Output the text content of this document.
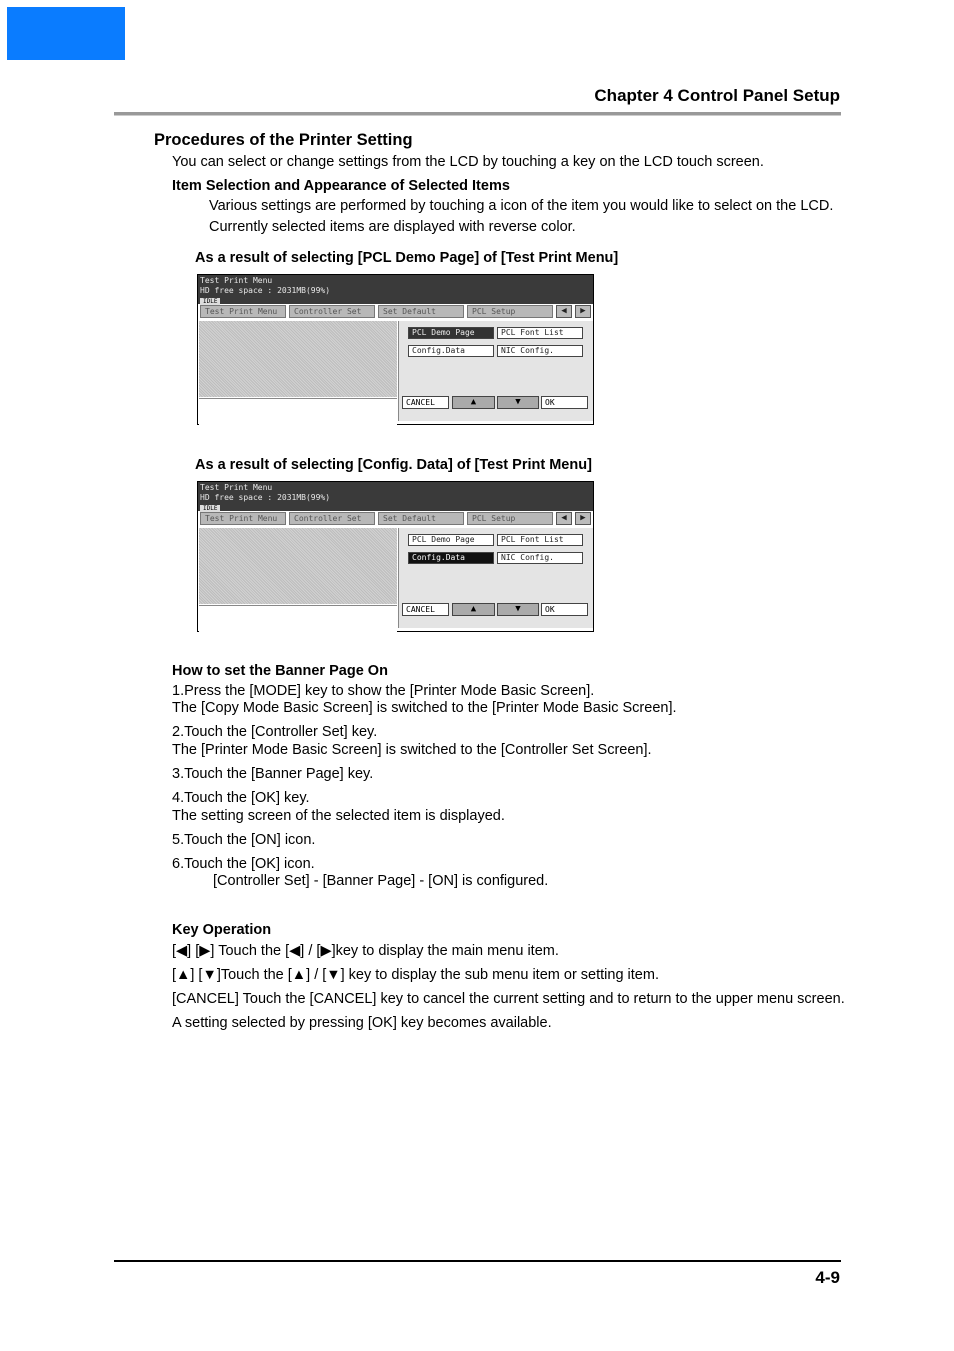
Chapter 4 Control Panel Setup
Procedures of the Printer Setting
You can select or change settings from the LCD by touching a key on the LCD touch screen.
Item Selection and Appearance of Selected Items
Various settings are performed by touching a icon of the item you would like to select on the LCD.
Currently selected items are displayed with reverse color.
As a result of selecting [PCL Demo Page] of [Test Print Menu]
Test Print Menu
HD free space : 2031MB(99%)
IDLE
Test Print Menu	Controller Set	Set Default	PCL Setup	◀	▶
PCL Demo Page	PCL Font List
Config.Data	NIC Config.
CANCEL	▲	▼	OK
As a result of selecting [Config. Data] of [Test Print Menu]
Test Print Menu
HD free space : 2031MB(99%)
IDLE
Test Print Menu	Controller Set	Set Default	PCL Setup	◀	▶
PCL Demo Page	PCL Font List
Config.Data	NIC Config.
CANCEL	▲	▼	OK
How to set the Banner Page On
1.Press the [MODE] key to show the [Printer Mode Basic Screen].
The [Copy Mode Basic Screen] is switched to the [Printer Mode Basic Screen].
2.Touch the [Controller Set] key.
The [Printer Mode Basic Screen] is switched to the [Controller Set Screen].
3.Touch the [Banner Page] key.
4.Touch the [OK] key.
The setting screen of the selected item is displayed.
5.Touch the [ON] icon.
6.Touch the [OK] icon.
[Controller Set] - [Banner Page] - [ON] is configured.
Key Operation
[◀] [▶] Touch the [◀] / [▶]key to display the main menu item.
[▲] [▼]Touch the [▲] / [▼] key to display the sub menu item or setting item.
[CANCEL] Touch the [CANCEL] key to cancel the current setting and to return to the upper menu screen.
A setting selected by pressing [OK] key becomes available.
4-9
